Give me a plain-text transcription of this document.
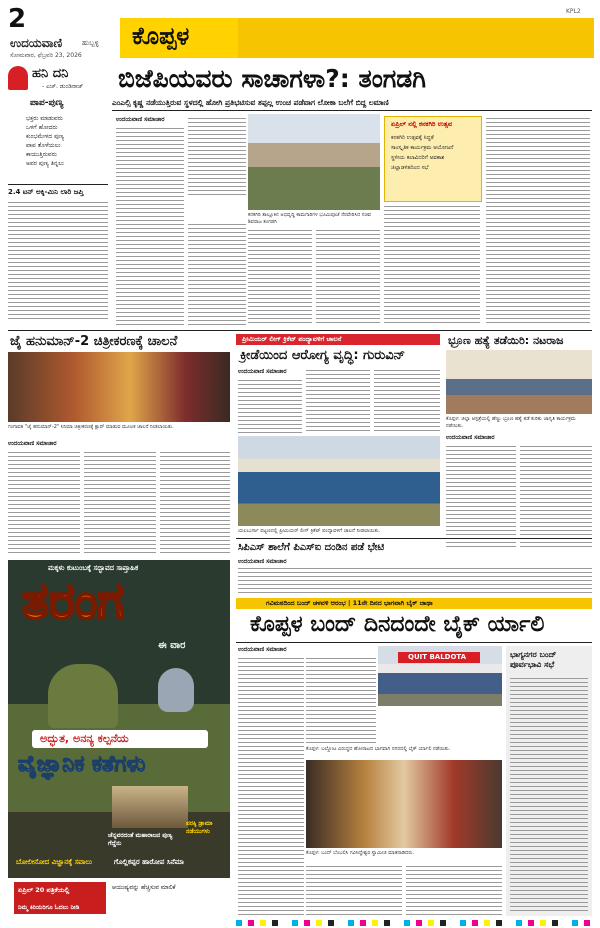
2
ಉದಯವಾಣಿ	ಹುಬ್ಬಳ್ಳಿ
ಸೋಮವಾರ, ಫೆಬ್ರವರಿ 23, 2026
ಕೊಪ್ಪಳ
KPL2
ಹನಿ ದನಿ
- ಎಚ್. ಡುಂಡಿರಾಜ್
ಪಾಪ-ಪುಣ್ಯ
ಭಕ್ತರು ಮಾಡುವರು
ಒಳಗೆ ಹೋದರು
ಕುಂಭಮೇಳದ ಪುಣ್ಯ
ಪಾಪ ತೊಳೆಯಲು
ಕಾಯುತ್ತಿರುವರು
ಅವರ ಪುಣ್ಯ ತಿನ್ನಲು
2.4 ಟನ್ ಅಕ್ಕಿ-ಮಿನಿ ಲಾರಿ ಜಪ್ತಿ
ಬಿಜೆಪಿಯವರು ಸಾಚಾಗಳಾ?: ತಂಗಡಗಿ
ಎಂಎಲ್ಸಿ ಕೃಷ್ಣ ನಡೆಯುತ್ತಿರುವ ಸ್ಥಳದಲ್ಲಿ ಹೋಗಿ ಪ್ರತಿಭಟಿಸುವ ತಪ್ಪಲ್ಲ ಉಂಚ ಪಡೆವಾಗ ಲೋಕಾ ಬಲೆಗೆ ಬಿದ್ದ ಲಮಾಣಿ
ಉದಯವಾಣಿ ಸಮಾಚಾರ
ಕನಕಗಿರಿ ತಾಲ್ಲೂಕಿನ ಅಭಿವೃದ್ಧಿ ಕಾಮಗಾರಿಗಳ ಭೂಮಿಪೂಜೆ ನೆರವೇರಿಸಿದ ಸಚಿವ ಶಿವರಾಜ ತಂಗಡಗಿ
ಏಪ್ರಿಲ್ ನಲ್ಲಿ ಕನಕಗಿರಿ ಉತ್ಸವ
ಕನಕಗಿರಿ ಉತ್ಸವಕ್ಕೆ ಸಿದ್ಧತೆ
ಸಾಂಸ್ಕೃತಿಕ ಕಾರ್ಯಕ್ರಮ ಆಯೋಜನೆ
ಸ್ಥಳೀಯ ಕಲಾವಿದರಿಗೆ ಅವಕಾಶ
ಜಿಲ್ಲಾಡಳಿತದಿಂದ ಸಭೆ
ಜೈ ಹನುಮಾನ್-2 ಚಿತ್ರೀಕರಣಕ್ಕೆ ಚಾಲನೆ
ಗಂಗಾವತಿ "ಜೈ ಹನುಮಾನ್-2" ಸಿನಿಮಾ ಚಿತ್ರೀಕರಣಕ್ಕೆ ಕ್ಲಾಪ್ ಮಾಡುವ ಮೂಲಕ ಚಾಲನೆ ನೀಡಲಾಯಿತು.
ಉದಯವಾಣಿ ಸಮಾಚಾರ
ಪ್ರೀಮಿಯರ್ ಲೀಗ್ ಕ್ರಿಕೆಟ್ ಪಂದ್ಯಾವಳಿಗೆ ಚಾಲನೆ
ಕ್ರೀಡೆಯಿಂದ ಆರೋಗ್ಯ ವೃದ್ಧಿ: ಗುರುವಿನ್
ಉದಯವಾಣಿ ಸಮಾಚಾರ
ಯಲಬುರ್ಗಾ ಪಟ್ಟಣದಲ್ಲಿ ಪ್ರೀಮಿಯರ್ ಲೀಗ್ ಕ್ರಿಕೆಟ್ ಪಂದ್ಯಾವಳಿಗೆ ಚಾಲನೆ ನೀಡಲಾಯಿತು.
ಭ್ರೂಣ ಹತ್ಯೆ ತಡೆಯಿರಿ: ನಟರಾಜ
ಕೊಪ್ಪಳ: ಜಿಲ್ಲಾ ಆಸ್ಪತ್ರೆಯಲ್ಲಿ ಹೆಣ್ಣು ಭ್ರೂಣ ಹತ್ಯೆ ತಡೆ ಕುರಿತು ಜಾಗೃತಿ ಕಾರ್ಯಕ್ರಮ ನಡೆಯಿತು.
ಉದಯವಾಣಿ ಸಮಾಚಾರ
ಸಿಪಿಎಸ್ ಶಾಲೆಗೆ ಪಿಎಸ್ಐ ದಂಡಿನ ಪಡೆ ಭೇಟಿ
ಉದಯವಾಣಿ ಸಮಾಚಾರ
ಮಕ್ಕಳು ಕುಟುಂಬಕ್ಕೆ ಸದ್ಭಾವದ ಸಾಪ್ತಾಹಿಕ
ತರಂಗ
ಈ ವಾರ
ಅದ್ಭುತ, ಅನನ್ಯ ಕಲ್ಪನೆಯ
ವೈಜ್ಞಾನಿಕ ಕತೆಗಳು
ಚೆನ್ನವರದಂತೆ ಮಹಾರಾಜನ ಪುಣ್ಯ ಗೆದ್ದೆನು
ಬೋಲೀನೋದ ವಿಜ್ಞಾನಕ್ಕೆ ಸವಾಲು	ಗೊಲ್ಲಿಕಪ್ಪರ ಹಾರೋಪ ಸಿನೆಮಾ
ಪರಕ್ಕಿ ಡ್ರಾಮಾ ನಡೆಯುಗಳು
ಏಪ್ರಿಲ್ 20 ಪತ್ರಿಕೆಯಲ್ಲಿ	ಆಯುಷ್ಯವನ್ನು ಹೆಚ್ಚಿಸುವ ಮಾಲಿಕೆ
ನಿಮ್ಮ ಕಿರಿಯರಿಗೂ ಓದಲು ನೀಡಿ
ಗವಿಮಠದಿಂದ ಬಂದ್ ಚಳವಳಿ ಆರಂಭ | 11ನೇ ದಿನದ ಭಾಗವಾಗಿ ಬೈಕ್ ಜಾಥಾ
ಕೊಪ್ಪಳ ಬಂದ್ ದಿನದಂದೇ ಬೈಕ್ ರ್ಯಾಲಿ
ಉದಯವಾಣಿ ಸಮಾಚಾರ
QUIT BALDOTA
ಕೊಪ್ಪಳ: ಬಲ್ದೋಟ ವಿರುದ್ಧದ ಹೋರಾಟದ ಭಾಗವಾಗಿ ನಗರದಲ್ಲಿ ಬೈಕ್ ರ್ಯಾಲಿ ನಡೆಯಿತು.
ಕೊಪ್ಪಳ: ಬಂದ್ ಬೆಂಬಲಿಸಿ ಗವಿಸಿದ್ದೇಶ್ವರ ಸ್ವಾಮೀಜಿ ಮಾತನಾಡಿದರು.
ಭಾಗ್ಯನಗರ ಬಂದ್ ಪೂರ್ವಭಾವಿ ಸಭೆ
